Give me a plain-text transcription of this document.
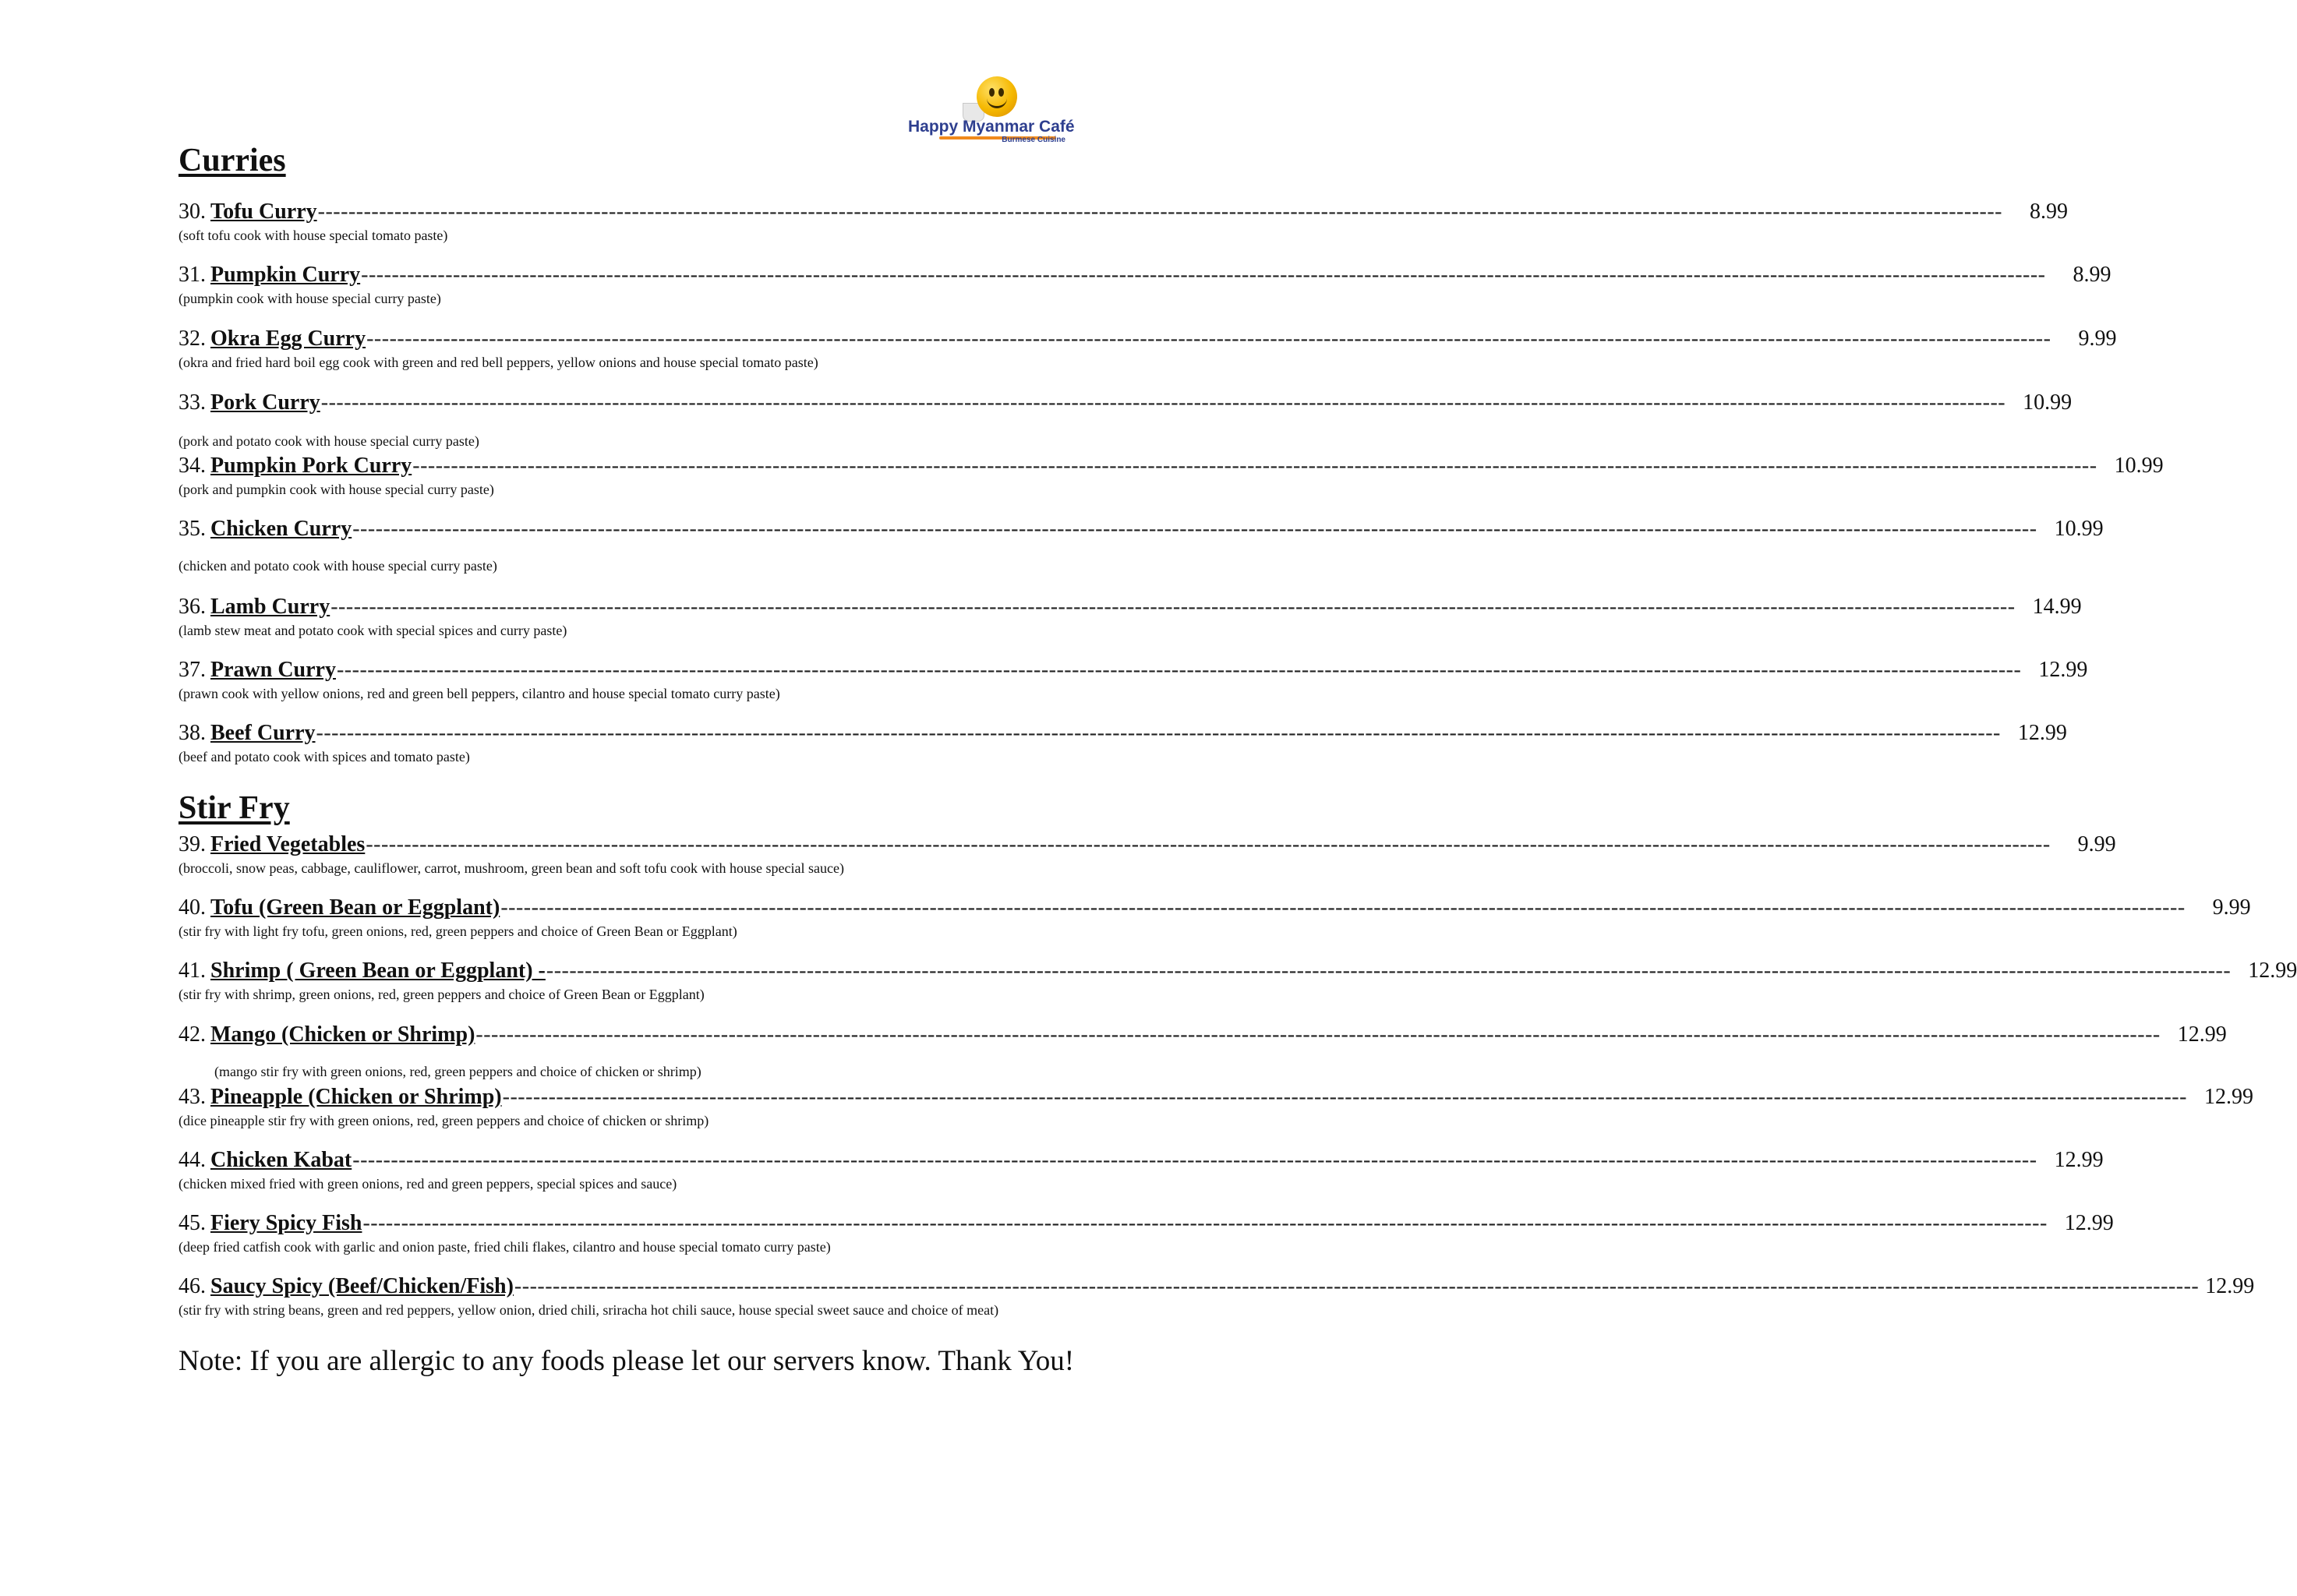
Happy Myanmar Café
Burmese Cuisine
Curries
30. Tofu Curry ----------------------------------------------------------------------------------------------------------------------------------------------------------------------------------------------------------------------------	8.99
(soft tofu cook with house special tomato paste)
31. Pumpkin Curry ----------------------------------------------------------------------------------------------------------------------------------------------------------------------------------------------------------------------------	8.99
(pumpkin cook with house special curry paste)
32. Okra Egg Curry ----------------------------------------------------------------------------------------------------------------------------------------------------------------------------------------------------------------------------	9.99
(okra and fried hard boil egg cook with green and red bell peppers, yellow onions and house special tomato paste)
33. Pork Curry ---------------------------------------------------------------------------------------------------------------------------------------------------------------------------------------------------------------------------- 10.99
(pork and potato cook with house special curry paste)
34. Pumpkin Pork Curry ---------------------------------------------------------------------------------------------------------------------------------------------------------------------------------------------------------------------------- 10.99
(pork and pumpkin cook with house special curry paste)
35. Chicken Curry ---------------------------------------------------------------------------------------------------------------------------------------------------------------------------------------------------------------------------- 10.99
(chicken and potato cook with house special curry paste)
36. Lamb Curry ---------------------------------------------------------------------------------------------------------------------------------------------------------------------------------------------------------------------------- 14.99
(lamb stew meat and potato cook with special spices and curry paste)
37. Prawn Curry ---------------------------------------------------------------------------------------------------------------------------------------------------------------------------------------------------------------------------- 12.99
(prawn cook with yellow onions, red and green bell peppers, cilantro and house special tomato curry paste)
38. Beef Curry ---------------------------------------------------------------------------------------------------------------------------------------------------------------------------------------------------------------------------- 12.99
(beef and potato cook with spices and tomato paste)
Stir Fry
39. Fried Vegetables ----------------------------------------------------------------------------------------------------------------------------------------------------------------------------------------------------------------------------	9.99
(broccoli, snow peas, cabbage, cauliflower, carrot, mushroom, green bean and soft tofu cook with house special sauce)
40. Tofu (Green Bean or Eggplant) ----------------------------------------------------------------------------------------------------------------------------------------------------------------------------------------------------------------------------	9.99
(stir fry with light fry tofu, green onions, red, green peppers and choice of Green Bean or Eggplant)
41. Shrimp ( Green Bean or Eggplant) - ---------------------------------------------------------------------------------------------------------------------------------------------------------------------------------------------------------------------------- 12.99
(stir fry with shrimp, green onions, red, green peppers and choice of Green Bean or Eggplant)
42. Mango (Chicken or Shrimp) ---------------------------------------------------------------------------------------------------------------------------------------------------------------------------------------------------------------------------- 12.99
(mango stir fry with green onions, red, green peppers and choice of chicken or shrimp)
43. Pineapple (Chicken or Shrimp) ---------------------------------------------------------------------------------------------------------------------------------------------------------------------------------------------------------------------------- 12.99
(dice pineapple stir fry with green onions, red, green peppers and choice of chicken or shrimp)
44. Chicken Kabat ---------------------------------------------------------------------------------------------------------------------------------------------------------------------------------------------------------------------------- 12.99
(chicken mixed fried with green onions, red and green peppers, special spices and sauce)
45. Fiery Spicy Fish ---------------------------------------------------------------------------------------------------------------------------------------------------------------------------------------------------------------------------- 12.99
(deep fried catfish cook with garlic and onion paste, fried chili flakes, cilantro and house special tomato curry paste)
46. Saucy Spicy (Beef/Chicken/Fish) ---------------------------------------------------------------------------------------------------------------------------------------------------------------------------------------------------------------------------- 12.99
(stir fry with string beans, green and red peppers, yellow onion, dried chili, sriracha hot chili sauce, house special sweet sauce and choice of meat)
Note: If you are allergic to any foods please let our servers know. Thank You!
